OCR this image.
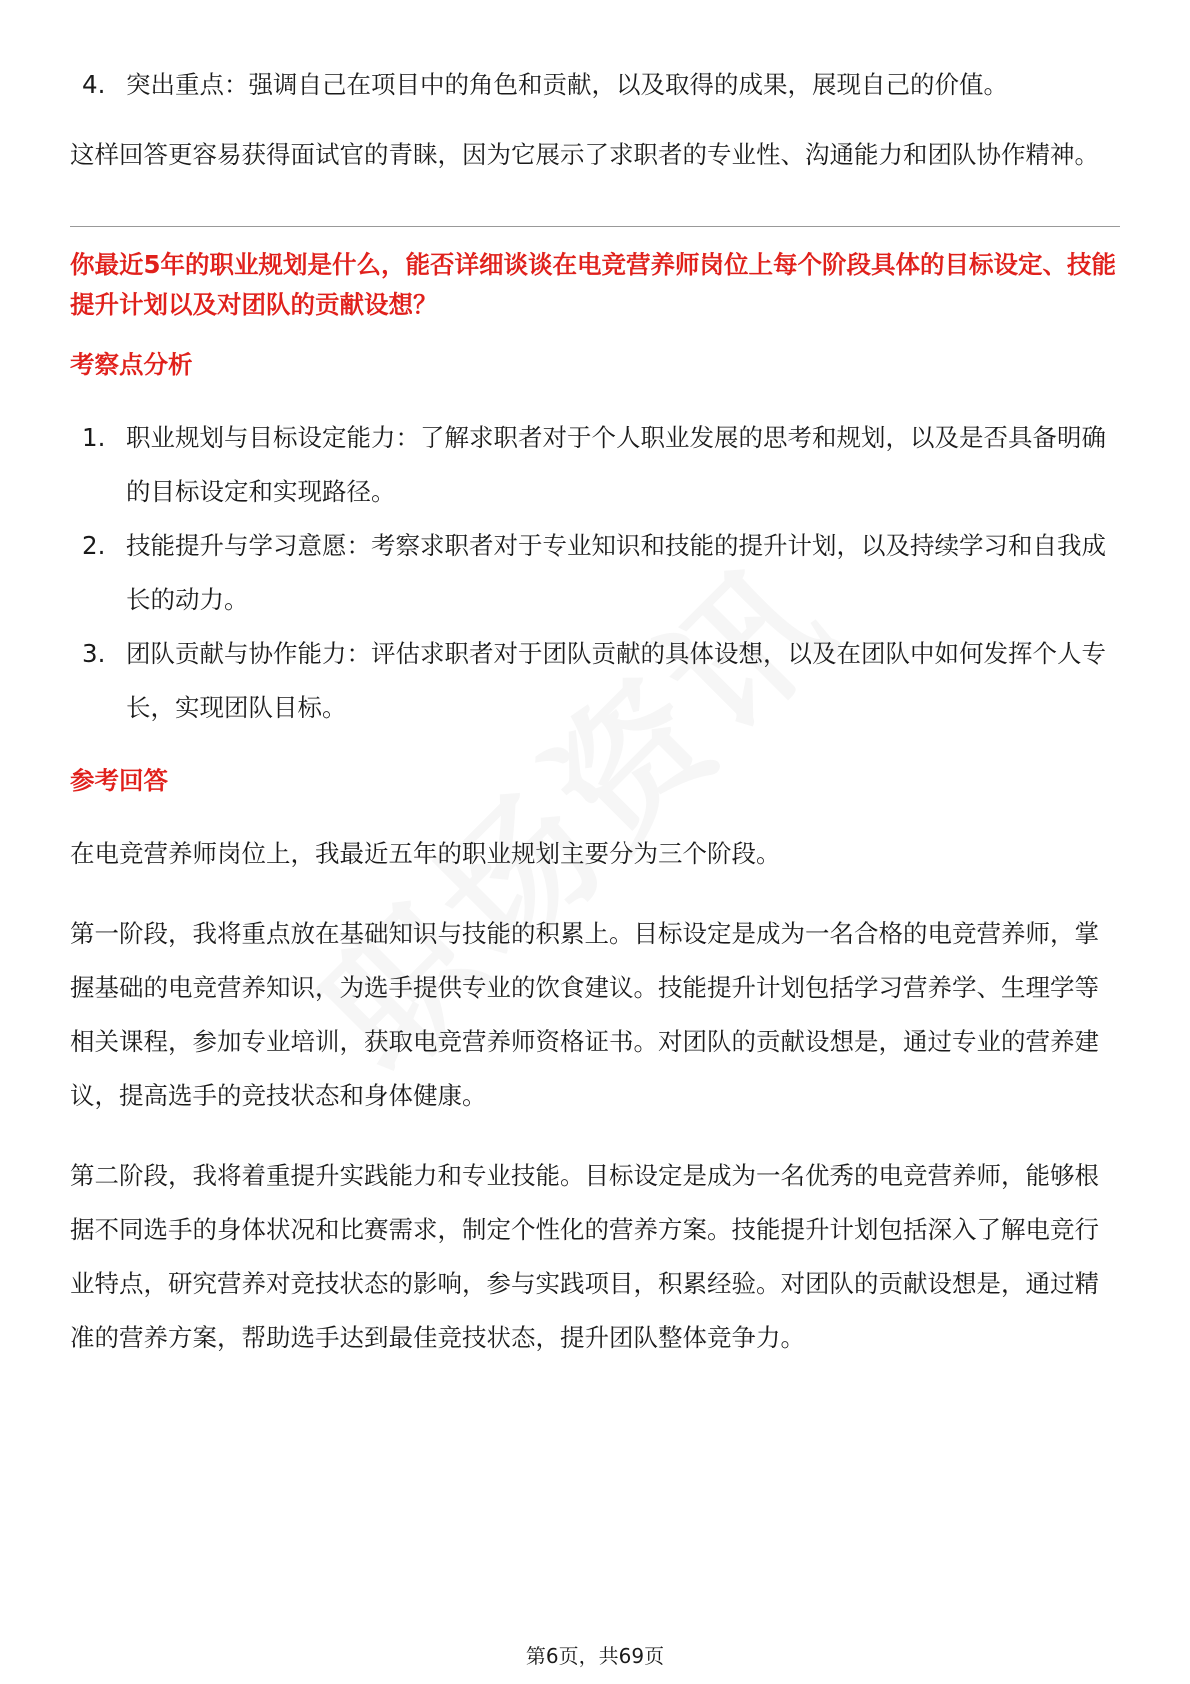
4. 突出重点：强调自己在项目中的角色和贡献，以及取得的成果，展现自己的价值。

这样回答更容易获得面试官的青睐，因为它展示了求职者的专业性、沟通能力和团队协作精神。

你最近5年的职业规划是什么，能否详细谈谈在电竞营养师岗位上每个阶段具体的目标设定、技能提升计划以及对团队的贡献设想？

考察点分析

1. 职业规划与目标设定能力：了解求职者对于个人职业发展的思考和规划，以及是否具备明确的目标设定和实现路径。
2. 技能提升与学习意愿：考察求职者对于专业知识和技能的提升计划，以及持续学习和自我成长的动力。
3. 团队贡献与协作能力：评估求职者对于团队贡献的具体设想，以及在团队中如何发挥个人专长，实现团队目标。

参考回答

在电竞营养师岗位上，我最近五年的职业规划主要分为三个阶段。

第一阶段，我将重点放在基础知识与技能的积累上。目标设定是成为一名合格的电竞营养师，掌握基础的电竞营养知识，为选手提供专业的饮食建议。技能提升计划包括学习营养学、生理学等相关课程，参加专业培训，获取电竞营养师资格证书。对团队的贡献设想是，通过专业的营养建议，提高选手的竞技状态和身体健康。

第二阶段，我将着重提升实践能力和专业技能。目标设定是成为一名优秀的电竞营养师，能够根据不同选手的身体状况和比赛需求，制定个性化的营养方案。技能提升计划包括深入了解电竞行业特点，研究营养对竞技状态的影响，参与实践项目，积累经验。对团队的贡献设想是，通过精准的营养方案，帮助选手达到最佳竞技状态，提升团队整体竞争力。

第6页，共69页
